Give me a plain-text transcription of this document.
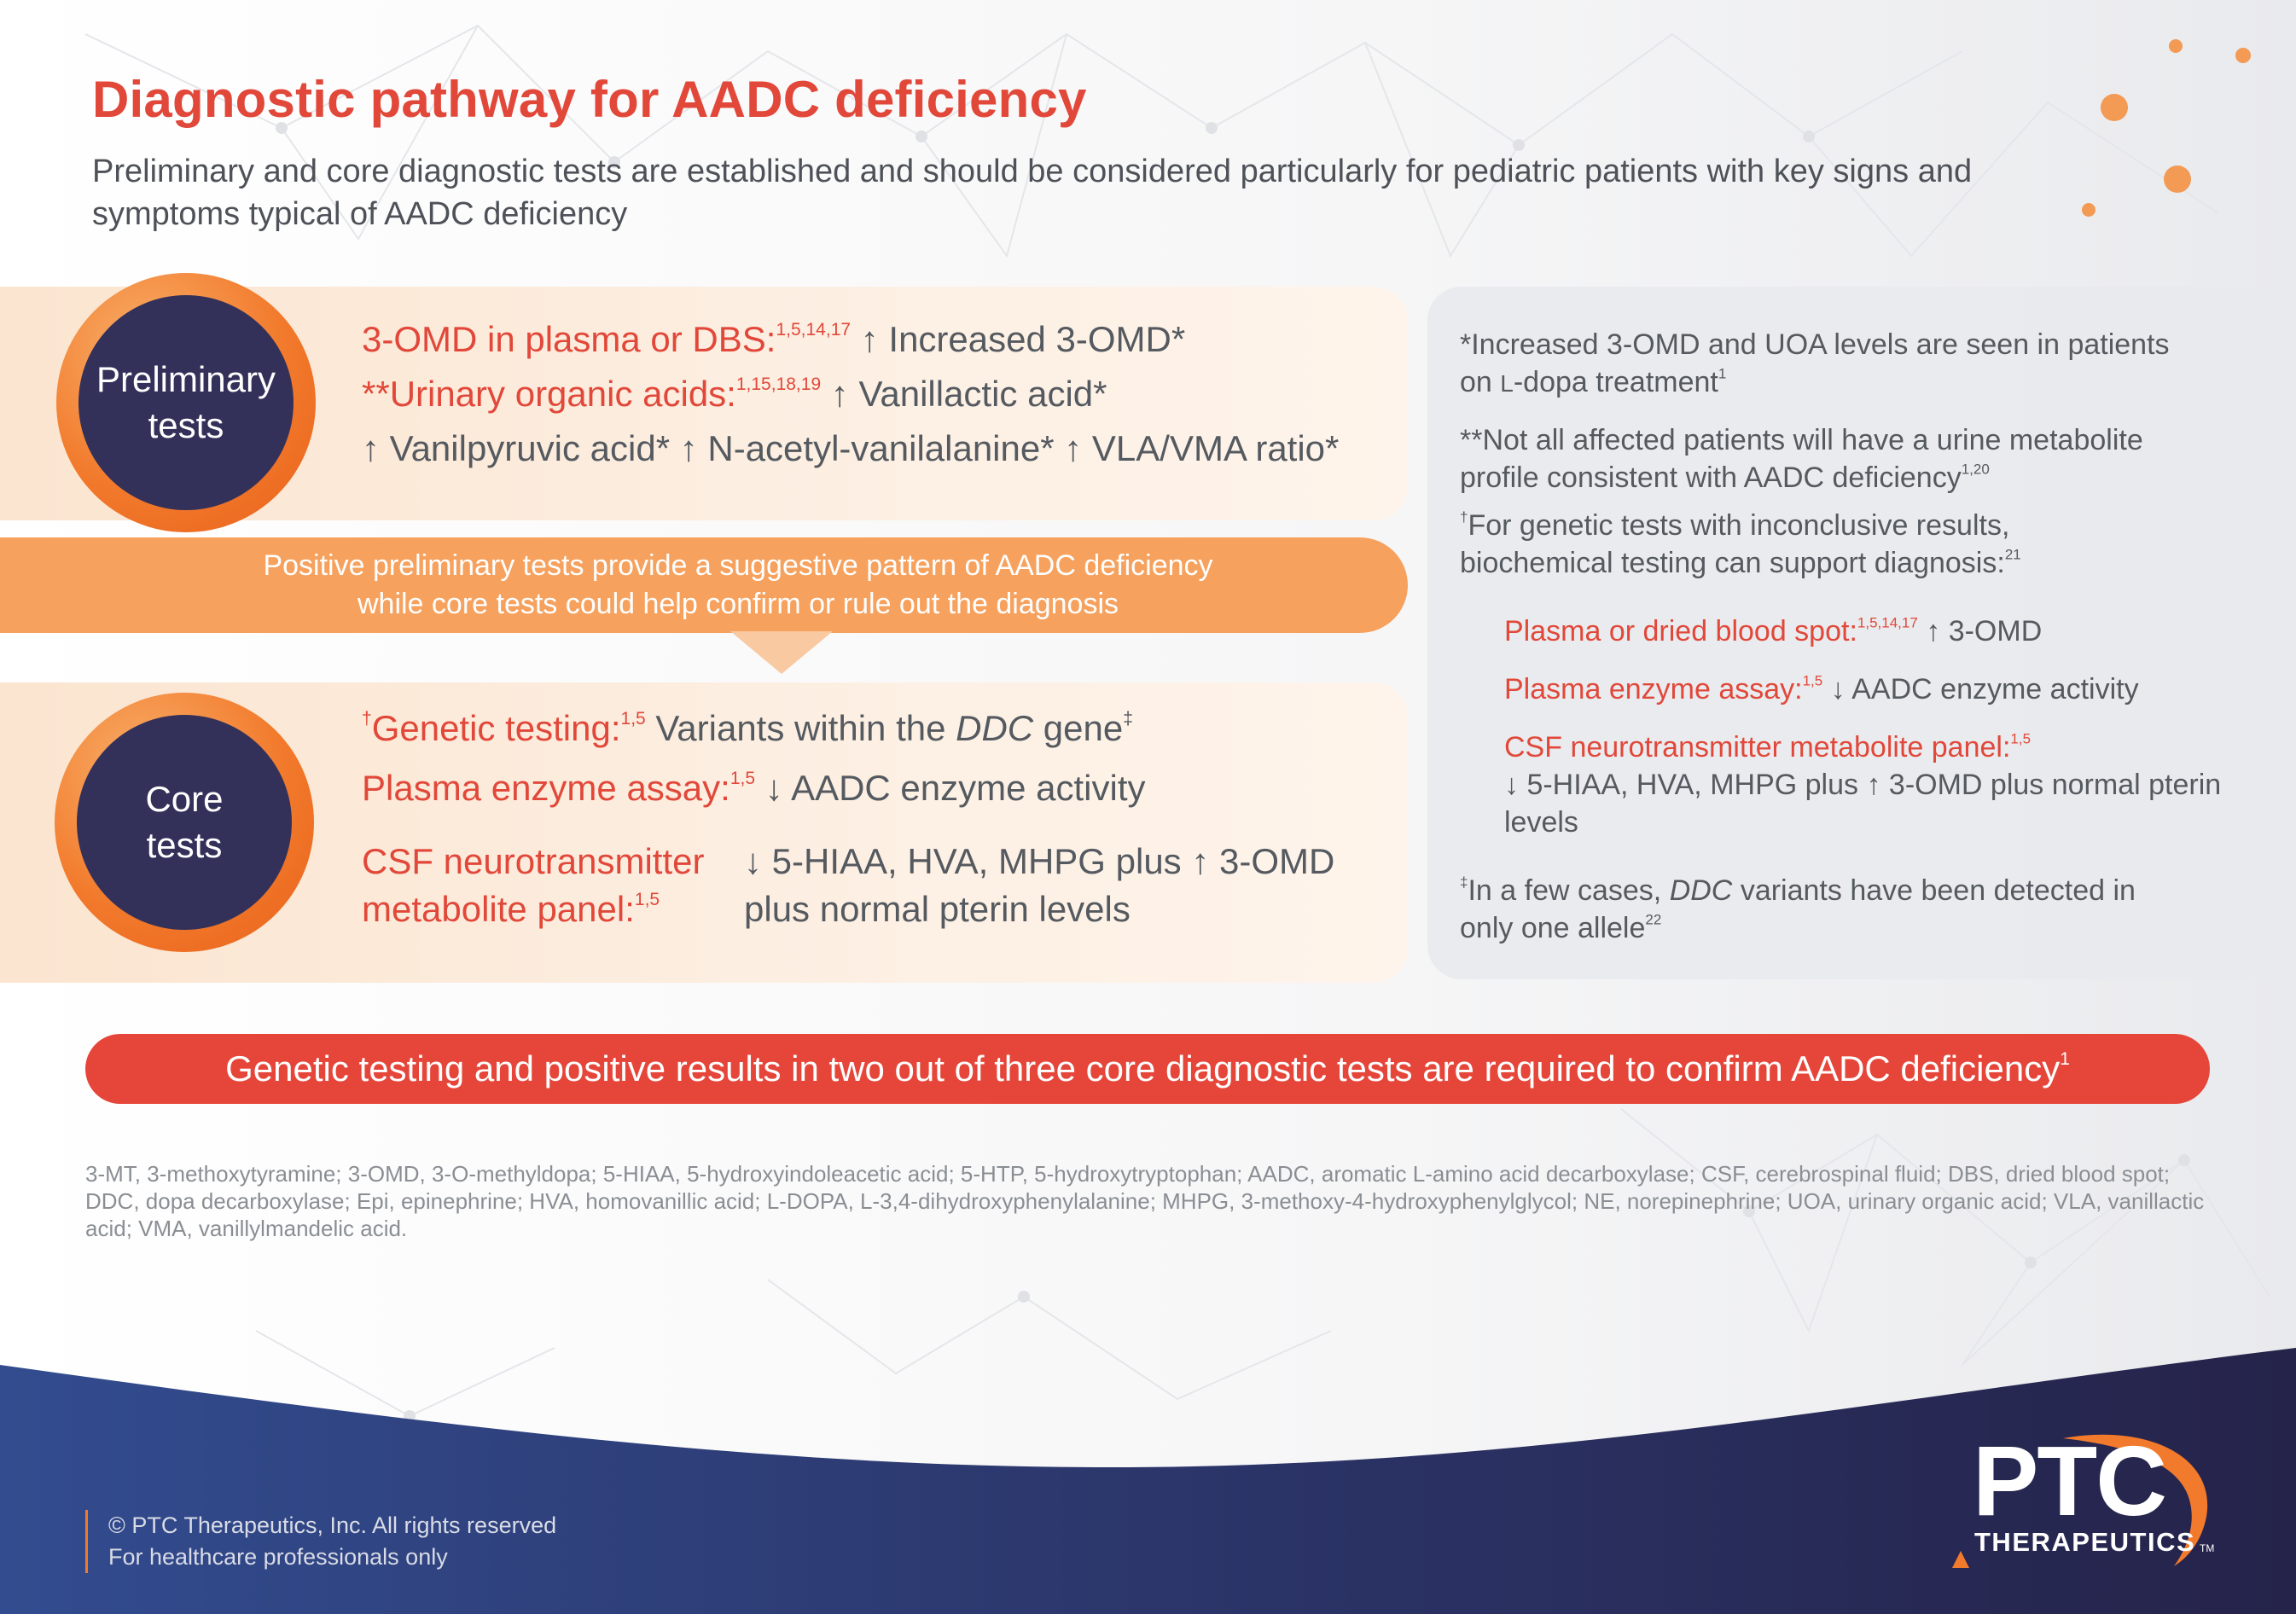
Diagnostic pathway for AADC deficiency
Preliminary and core diagnostic tests are established and should be considered particularly for pediatric patients with key signs and symptoms typical of AADC deficiency
Preliminary
tests
3-OMD in plasma or DBS:$^{1,5,14,17}$ ↑ Increased 3-OMD*
**Urinary organic acids:$^{1,15,18,19}$ ↑ Vanillactic acid*
↑ Vanilpyruvic acid* ↑ N-acetyl-vanilalanine* ↑ VLA/VMA ratio*
Positive preliminary tests provide a suggestive pattern of AADC deficiency
while core tests could help confirm or rule out the diagnosis
Core
tests
†Genetic testing:$^{1,5}$ Variants within the DDC gene‡
Plasma enzyme assay:$^{1,5}$ ↓ AADC enzyme activity
CSF neurotransmitter
metabolite panel:$^{1,5}$
↓ 5-HIAA, HVA, MHPG plus ↑ 3-OMD
plus normal pterin levels
*Increased 3-OMD and UOA levels are seen in patients on L-dopa treatment$^1$
**Not all affected patients will have a urine metabolite profile consistent with AADC deficiency$^{1,20}$
†For genetic tests with inconclusive results, biochemical testing can support diagnosis:$^{21}$
Plasma or dried blood spot:$^{1,5,14,17}$ ↑ 3-OMD
Plasma enzyme assay:$^{1,5}$ ↓ AADC enzyme activity
CSF neurotransmitter metabolite panel:$^{1,5}$
↓ 5-HIAA, HVA, MHPG plus ↑ 3-OMD plus normal pterin levels
‡In a few cases, DDC variants have been detected in only one allele$^{22}$
Genetic testing and positive results in two out of three core diagnostic tests are required to confirm AADC deficiency$^1$
3-MT, 3-methoxytyramine; 3-OMD, 3-O-methyldopa; 5-HIAA, 5-hydroxyindoleacetic acid; 5-HTP, 5-hydroxytryptophan; AADC, aromatic L-amino acid decarboxylase; CSF, cerebrospinal fluid; DBS, dried blood spot; DDC, dopa decarboxylase; Epi, epinephrine; HVA, homovanillic acid; L-DOPA, L-3,4-dihydroxyphenylalanine; MHPG, 3-methoxy-4-hydroxyphenylglycol; NE, norepinephrine; UOA, urinary organic acid; VLA, vanillactic acid; VMA, vanillylmandelic acid.
© PTC Therapeutics, Inc. All rights reserved
For healthcare professionals only
PTC
THERAPEUTICS TM
